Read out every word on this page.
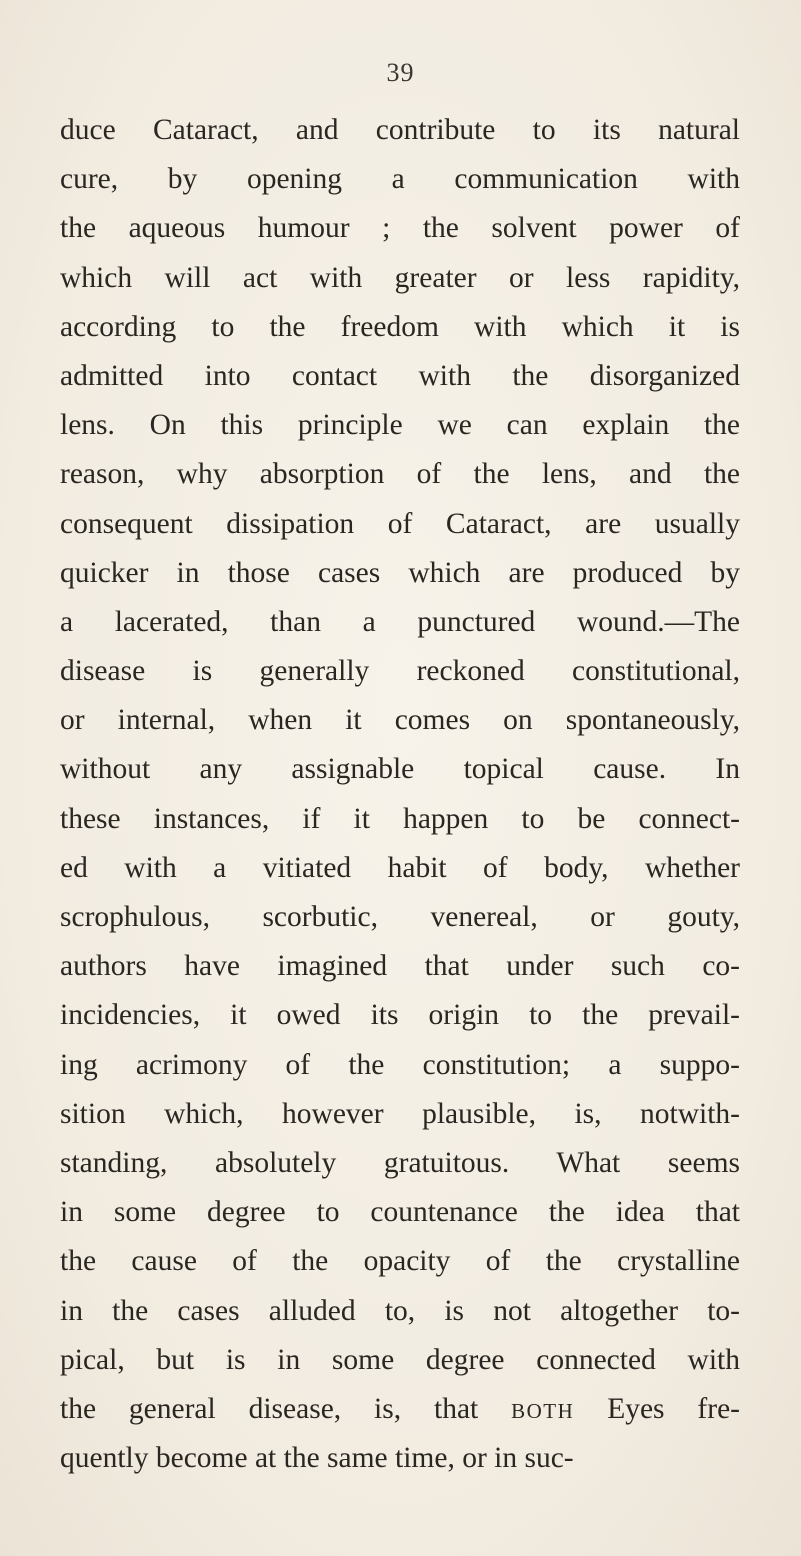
39
duce Cataract, and contribute to its natural
cure, by opening a communication with
the aqueous humour ; the solvent power of
which will act with greater or less rapidity,
according to the freedom with which it is
admitted into contact with the disorganized
lens. On this principle we can explain the
reason, why absorption of the lens, and the
consequent dissipation of Cataract, are usually
quicker in those cases which are produced by
a lacerated, than a punctured wound.—The
disease is generally reckoned constitutional,
or internal, when it comes on spontaneously,
without any assignable topical cause. In
these instances, if it happen to be connect-
ed with a vitiated habit of body, whether
scrophulous, scorbutic, venereal, or gouty,
authors have imagined that under such co-
incidencies, it owed its origin to the prevail-
ing acrimony of the constitution; a suppo-
sition which, however plausible, is, notwith-
standing, absolutely gratuitous. What seems
in some degree to countenance the idea that
the cause of the opacity of the crystalline
in the cases alluded to, is not altogether to-
pical, but is in some degree connected with
the general disease, is, that both Eyes fre-
quently become at the same time, or in suc-
